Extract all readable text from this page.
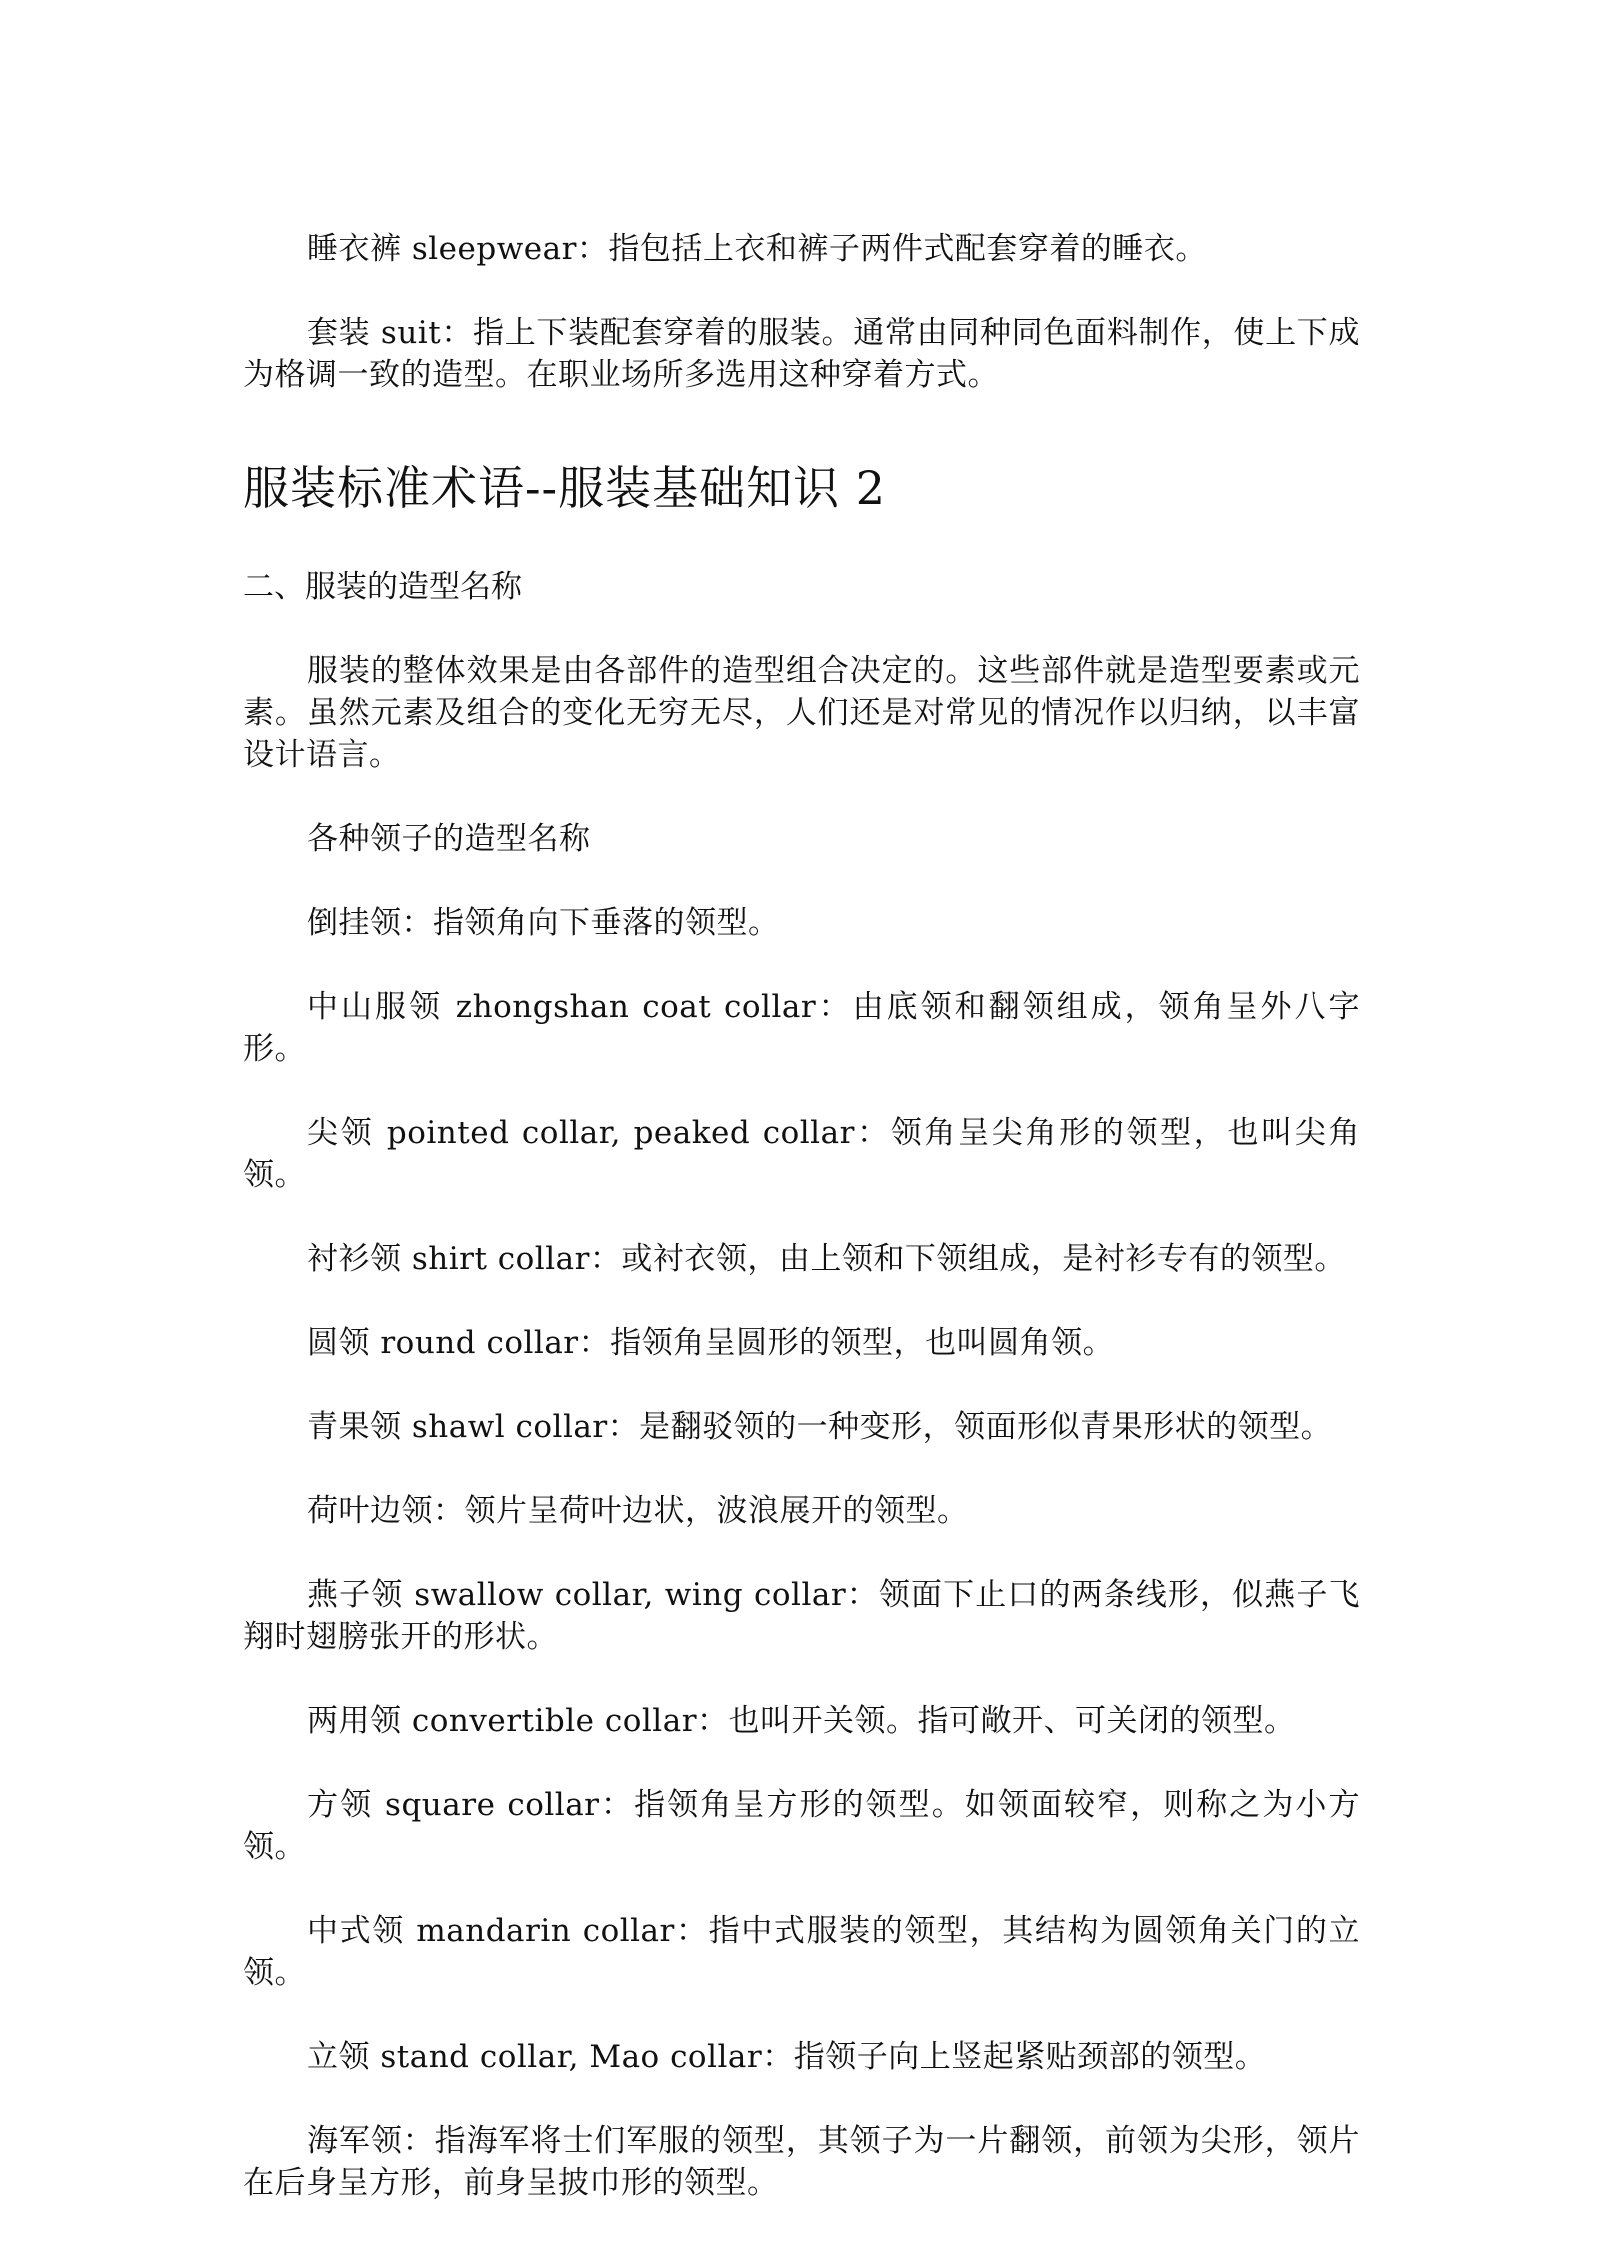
睡衣裤 sleepwear：指包括上衣和裤子两件式配套穿着的睡衣。

套装 suit：指上下装配套穿着的服装。通常由同种同色面料制作，使上下成为格调一致的造型。在职业场所多选用这种穿着方式。

服装标准术语--服装基础知识 2
二、服装的造型名称

服装的整体效果是由各部件的造型组合决定的。这些部件就是造型要素或元素。虽然元素及组合的变化无穷无尽，人们还是对常见的情况作以归纳，以丰富设计语言。

各种领子的造型名称

倒挂领：指领角向下垂落的领型。

中山服领 zhongshan coat collar：由底领和翻领组成，领角呈外八字形。

尖领 pointed collar, peaked collar：领角呈尖角形的领型，也叫尖角领。

衬衫领 shirt collar：或衬衣领，由上领和下领组成，是衬衫专有的领型。

圆领 round collar：指领角呈圆形的领型，也叫圆角领。

青果领 shawl collar：是翻驳领的一种变形，领面形似青果形状的领型。

荷叶边领：领片呈荷叶边状，波浪展开的领型。

燕子领 swallow collar, wing collar：领面下止口的两条线形，似燕子飞翔时翅膀张开的形状。

两用领 convertible collar：也叫开关领。指可敞开、可关闭的领型。

方领 square collar：指领角呈方形的领型。如领面较窄，则称之为小方领。

中式领 mandarin collar：指中式服装的领型，其结构为圆领角关门的立领。

立领 stand collar, Mao collar：指领子向上竖起紧贴颈部的领型。

海军领：指海军将士们军服的领型，其领子为一片翻领，前领为尖形，领片在后身呈方形，前身呈披巾形的领型。
